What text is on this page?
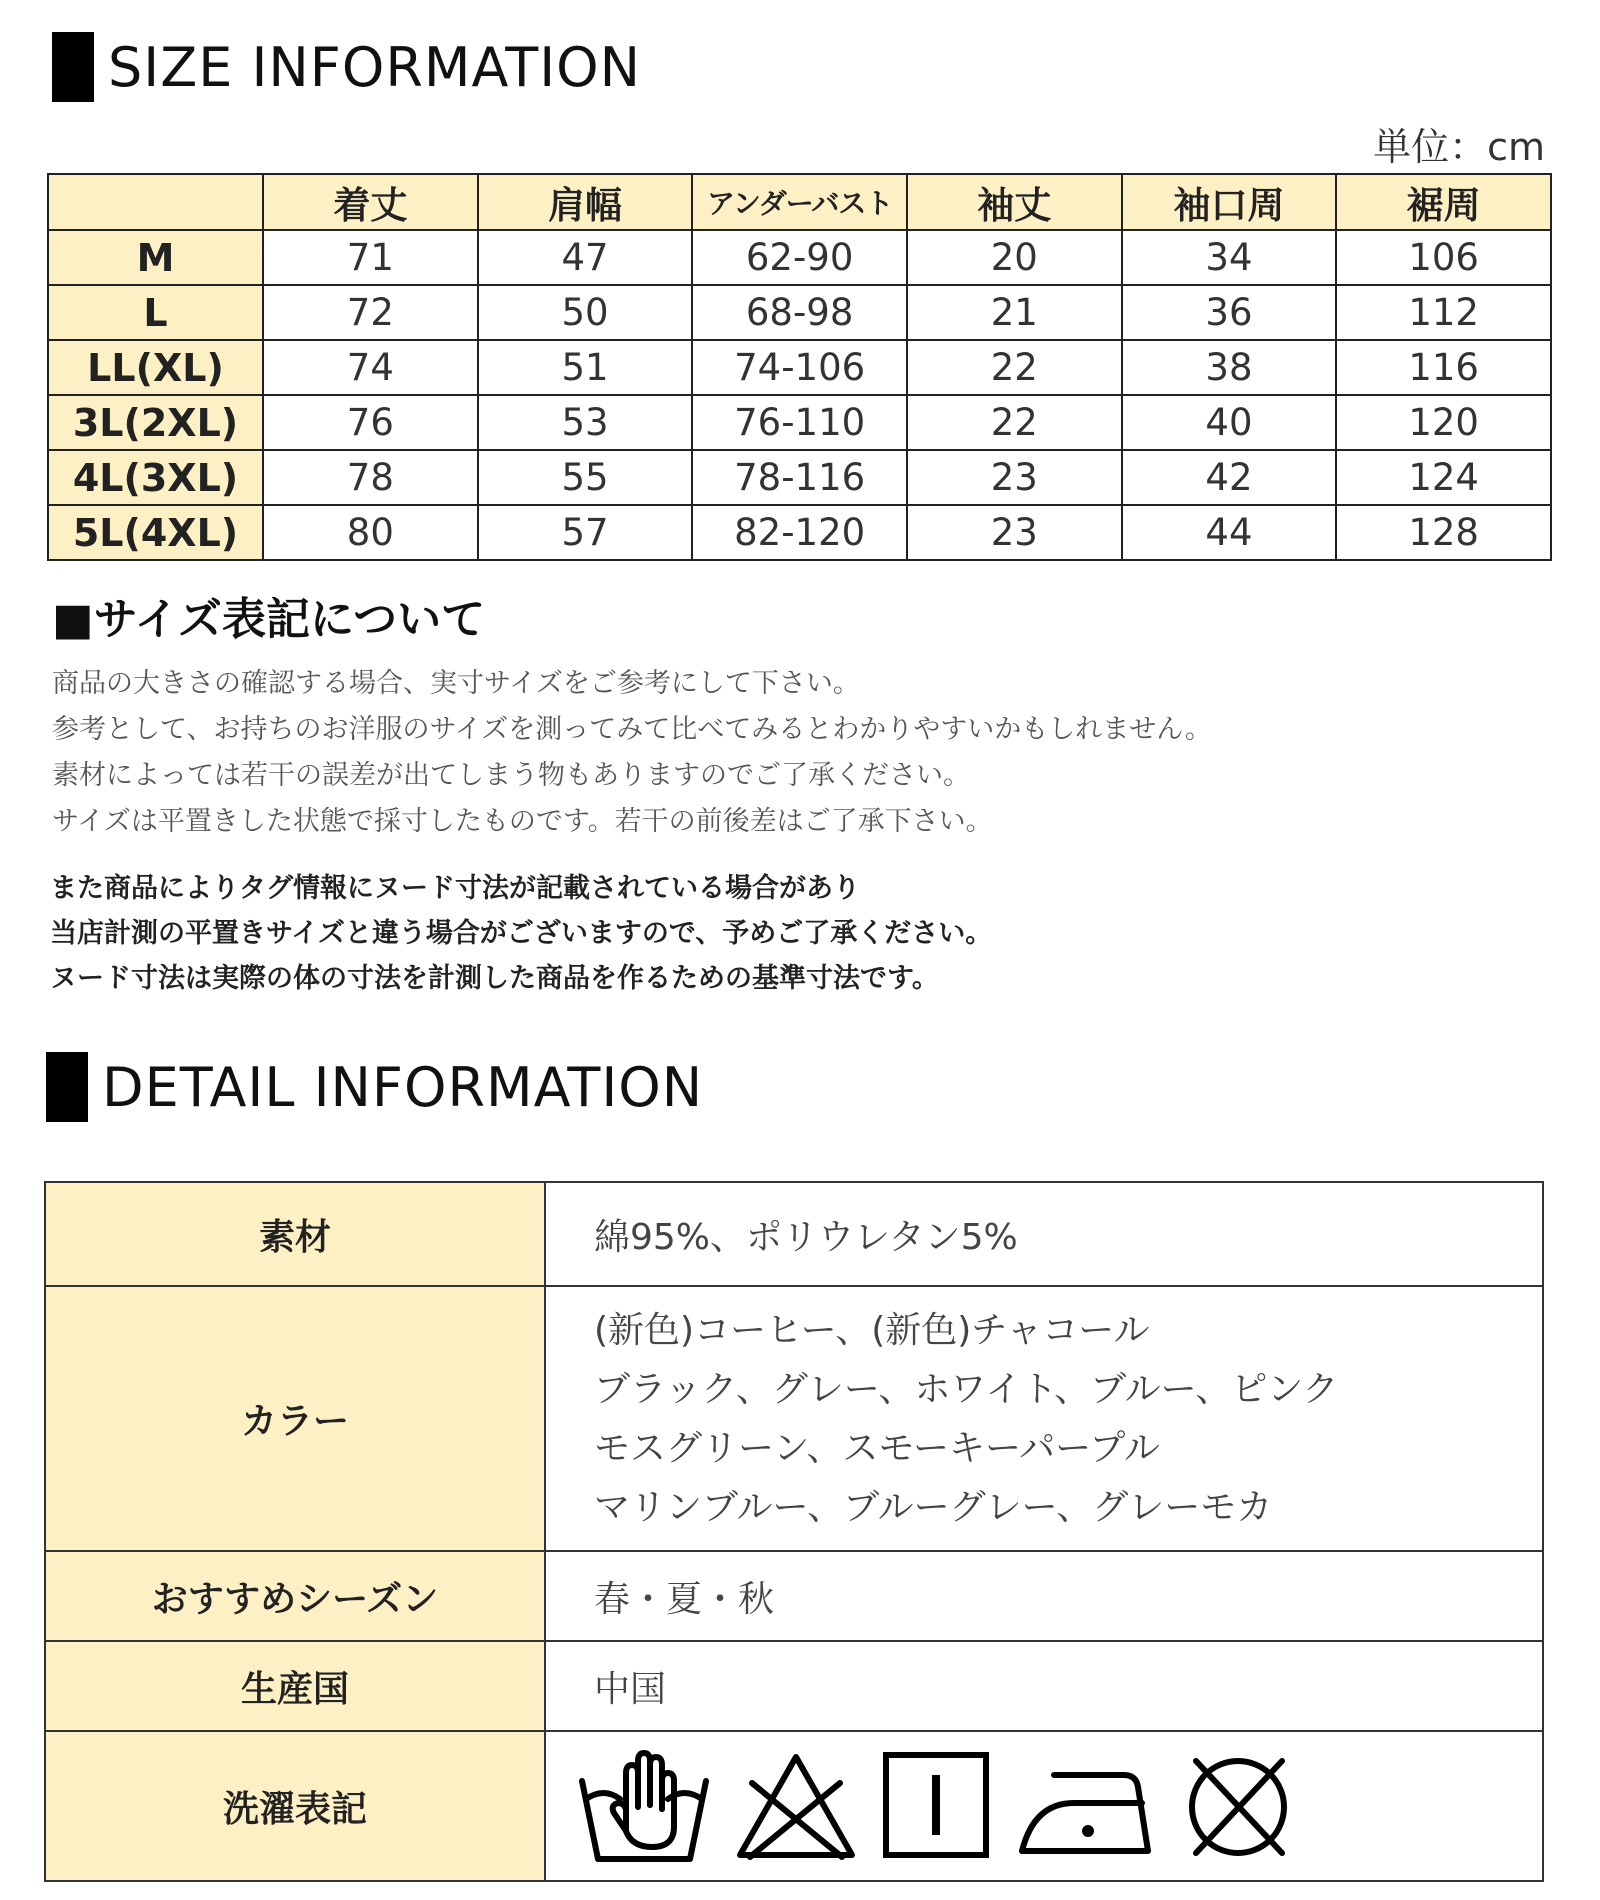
SIZE INFORMATION
単位：cm
	着丈	肩幅	アンダーバスト	袖丈	袖口周	裾周
M	71	47	62-90	20	34	106
L	72	50	68-98	21	36	112
LL(XL)	74	51	74-106	22	38	116
3L(2XL)	76	53	76-110	22	40	120
4L(3XL)	78	55	78-116	23	42	124
5L(4XL)	80	57	82-120	23	44	128
■サイズ表記について
商品の大きさの確認する場合、実寸サイズをご参考にして下さい。
参考として、お持ちのお洋服のサイズを測ってみて比べてみるとわかりやすいかもしれません。
素材によっては若干の誤差が出てしまう物もありますのでご了承ください。
サイズは平置きした状態で採寸したものです。若干の前後差はご了承下さい。
また商品によりタグ情報にヌード寸法が記載されている場合があり
当店計測の平置きサイズと違う場合がございますので、予めご了承ください。
ヌード寸法は実際の体の寸法を計測した商品を作るための基準寸法です。
DETAIL INFORMATION
素材	綿95%、ポリウレタン5%
カラー	(新色)コーヒー、(新色)チャコール
ブラック、グレー、ホワイト、ブルー、ピンク
モスグリーン、スモーキーパープル
マリンブルー、ブルーグレー、グレーモカ

おすすめシーズン	春・夏・秋
生産国	中国
洗濯表記	
